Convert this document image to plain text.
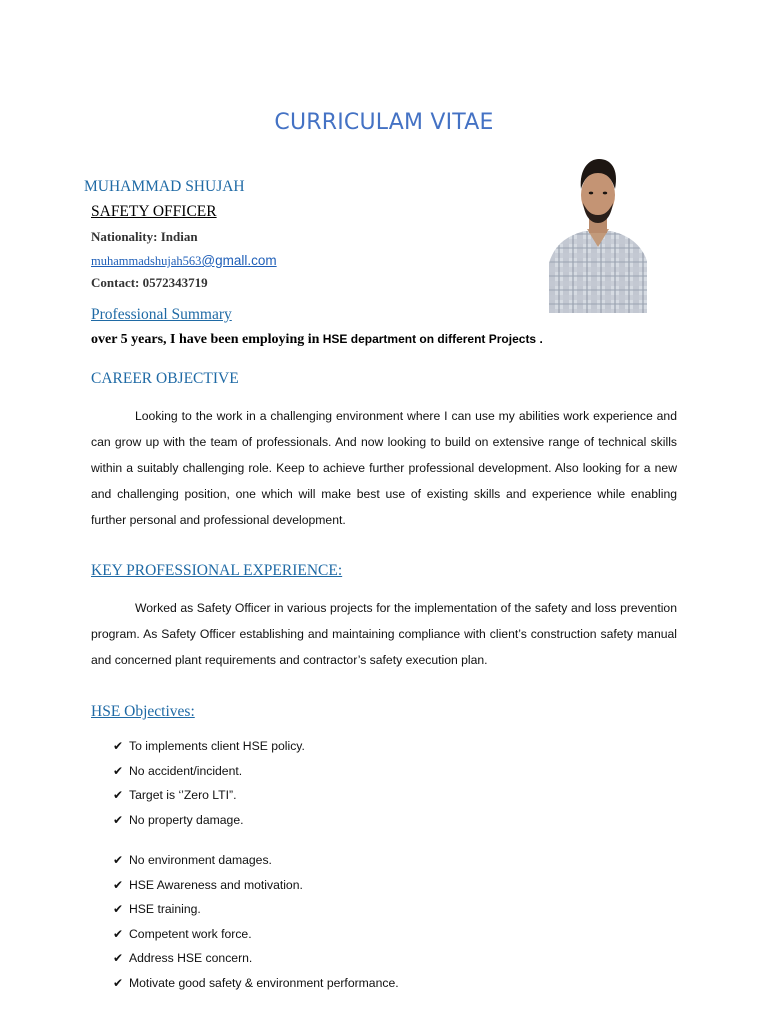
CURRICULAM VITAE
MUHAMMAD SHUJAH
SAFETY OFFICER
Nationality: Indian
muhammadshujah563@gmall.com
Contact: 0572343719
Professional Summary
over 5 years, I have been employing in HSE department on different Projects .
CAREER OBJECTIVE
Looking to the work in a challenging environment where I can use my abilities work experience and can grow up with the team of professionals. And now looking to build on extensive range of technical skills within a suitably challenging role. Keep to achieve further professional development. Also looking for a new and challenging position, one which will make best use of existing skills and experience while enabling further personal and professional development.
KEY PROFESSIONAL EXPERIENCE:
Worked as Safety Officer in various projects for the implementation of the safety and loss prevention program. As Safety Officer establishing and maintaining compliance with client’s construction safety manual and concerned plant requirements and contractor’s safety execution plan.
HSE Objectives:
✔ To implements client HSE policy.
✔ No accident/incident.
✔ Target is ‘’Zero LTI”.
✔ No property damage.
✔ No environment damages.
✔ HSE Awareness and motivation.
✔ HSE training.
✔ Competent work force.
✔ Address HSE concern.
✔ Motivate good safety & environment performance.
